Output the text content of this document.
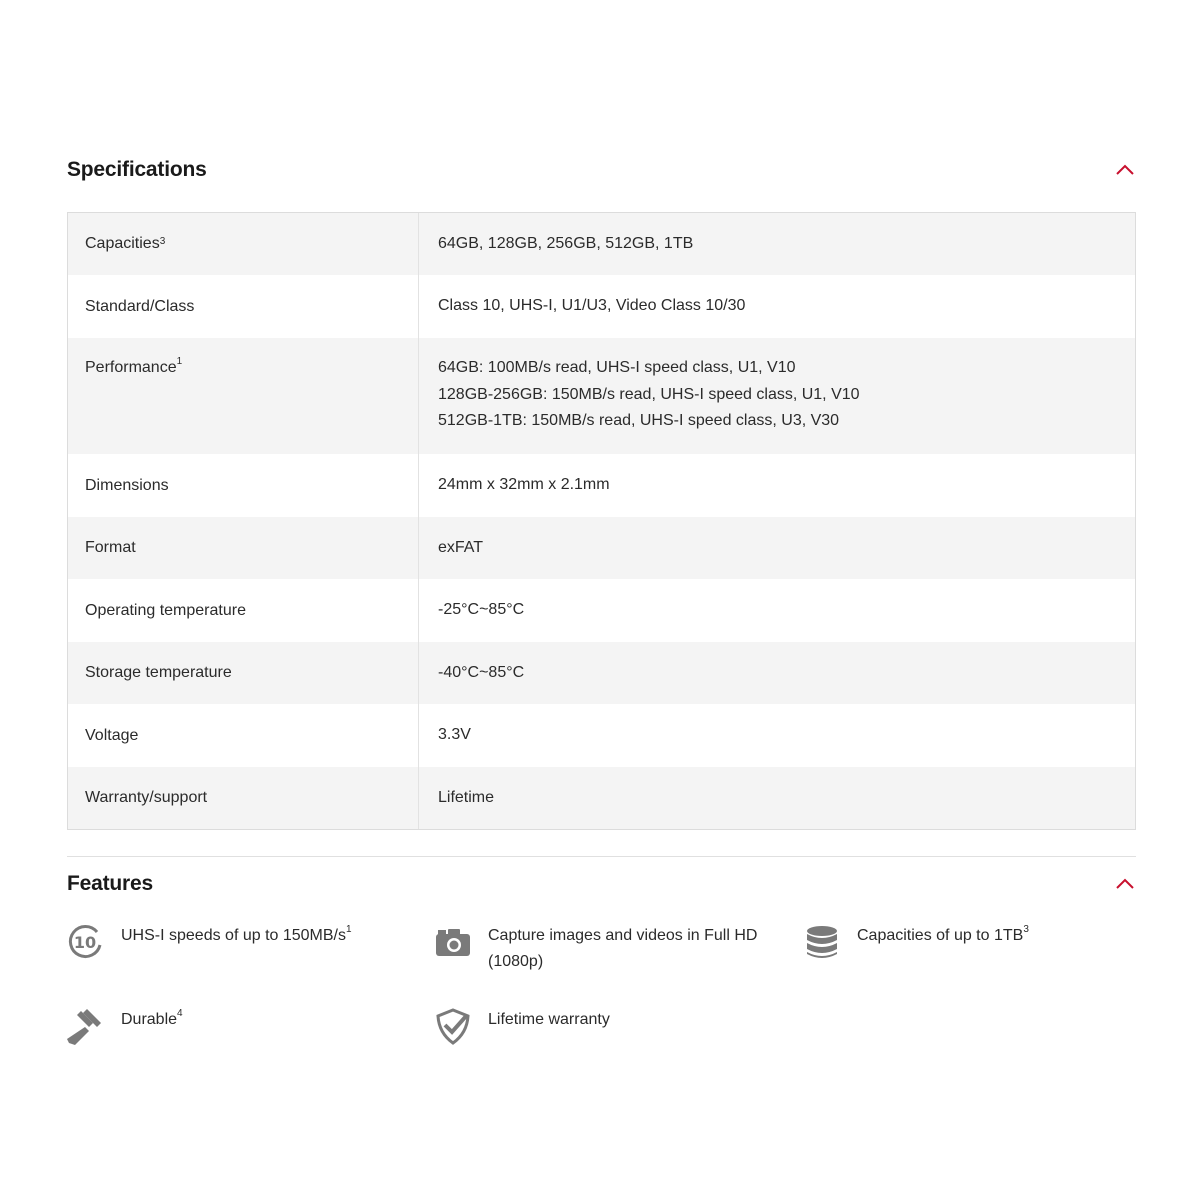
Specifications
Capacities$^3$	64GB, 128GB, 256GB, 512GB, 1TB
Standard/Class	Class 10, UHS-I, U1/U3, Video Class 10/30
Performance$^1$	64GB: 100MB/s read, UHS-I speed class, U1, V10
128GB-256GB: 150MB/s read, UHS-I speed class, U1, V10
512GB-1TB: 150MB/s read, UHS-I speed class, U3, V30
Dimensions	24mm x 32mm x 2.1mm
Format	exFAT
Operating temperature	-25°C~85°C
Storage temperature	-40°C~85°C
Voltage	3.3V
Warranty/support	Lifetime
Features
10 UHS-I speeds of up to $150MB/s^1$	Capture images and videos in Full HD (1080p)
Capacities of up to $1TB^3$
Durable$^4$	Lifetime warranty
